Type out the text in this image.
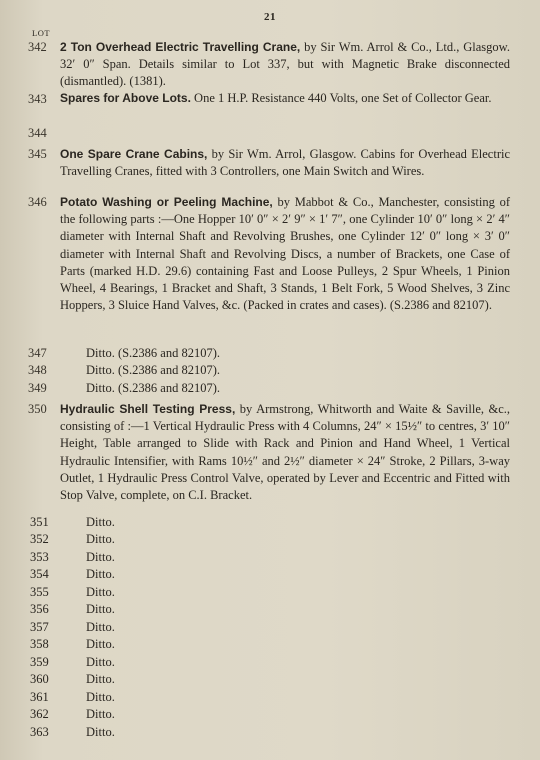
21
LOT
342 2 Ton Overhead Electric Travelling Crane, by Sir Wm. Arrol & Co., Ltd., Glasgow. 32′ 0″ Span. Details similar to Lot 337, but with Magnetic Brake disconnected (dismantled). (1381).
343 Spares for Above Lots. One 1 H.P. Resistance 440 Volts, one Set of Collector Gear.
344
345 One Spare Crane Cabins, by Sir Wm. Arrol, Glasgow. Cabins for Overhead Electric Travelling Cranes, fitted with 3 Controllers, one Main Switch and Wires.
346 Potato Washing or Peeling Machine, by Mabbot & Co., Manchester, consisting of the following parts :—One Hopper 10′ 0″ × 2′ 9″ × 1′ 7″, one Cylinder 10′ 0″ long × 2′ 4″ diameter with Internal Shaft and Revolving Brushes, one Cylinder 12′ 0″ long × 3′ 0″ diameter with Internal Shaft and Revolving Discs, a number of Brackets, one Case of Parts (marked H.D. 29.6) containing Fast and Loose Pulleys, 2 Spur Wheels, 1 Pinion Wheel, 4 Bearings, 1 Bracket and Shaft, 3 Stands, 1 Belt Fork, 5 Wood Shelves, 3 Zinc Hoppers, 3 Sluice Hand Valves, &c. (Packed in crates and cases). (S.2386 and 82107).
347	Ditto. (S.2386 and 82107).
348	Ditto. (S.2386 and 82107).
349	Ditto. (S.2386 and 82107).
350 Hydraulic Shell Testing Press, by Armstrong, Whitworth and Waite & Saville, &c., consisting of :—1 Vertical Hydraulic Press with 4 Columns, 24″ × 15½″ to centres, 3′ 10″ Height, Table arranged to Slide with Rack and Pinion and Hand Wheel, 1 Vertical Hydraulic Intensifier, with Rams 10½″ and 2½″ diameter × 24″ Stroke, 2 Pillars, 3-way Outlet, 1 Hydraulic Press Control Valve, operated by Lever and Eccentric and Fitted with Stop Valve, complete, on C.I. Bracket.
351	Ditto.
352	Ditto.
353	Ditto.
354	Ditto.
355	Ditto.
356	Ditto.
357	Ditto.
358	Ditto.
359	Ditto.
360	Ditto.
361	Ditto.
362	Ditto.
363	Ditto.
